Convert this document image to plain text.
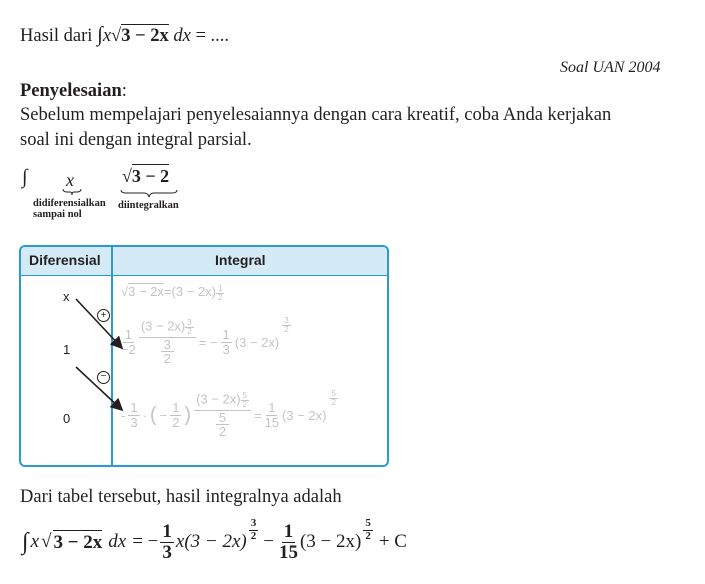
Hasil dari ∫x√3 − 2x dx = ....
Soal UAN 2004
Penyelesaian:
Sebelum mempelajari penyelesaiannya dengan cara kreatif, coba Anda kerjakan
soal ini dengan integral parsial.
∫ x	√3 − 2
didiferensialkan
sampai nol
diintegralkan
Diferensial	Integral
x
1
0
+
−
$√3 - 2x=(3 - 2x) \frac{1}{2}$
$\frac{1}{-2} \frac{(3 - 2x) \frac{3}{2}}{\frac{3}{2}}$ = − $\frac{1}{3} (3 - 2x)$
$\frac{3}{2}$
- $\frac{1}{3}$ · ( − $\frac{1}{2}$ ) $\frac{(3 - 2x) \frac{5}{2}}{\frac{5}{2}} = \frac{1}{15} (3 - 2x)$
$\frac{5}{2}$
Dari tabel tersebut, hasil integralnya adalah
∫ x √ 3 − 2x dx = − $\frac{1}{3} x(3 - 2x) \frac{3}{2} - \frac{1}{15} (3 - 2x) \frac{5}{2} + C$
